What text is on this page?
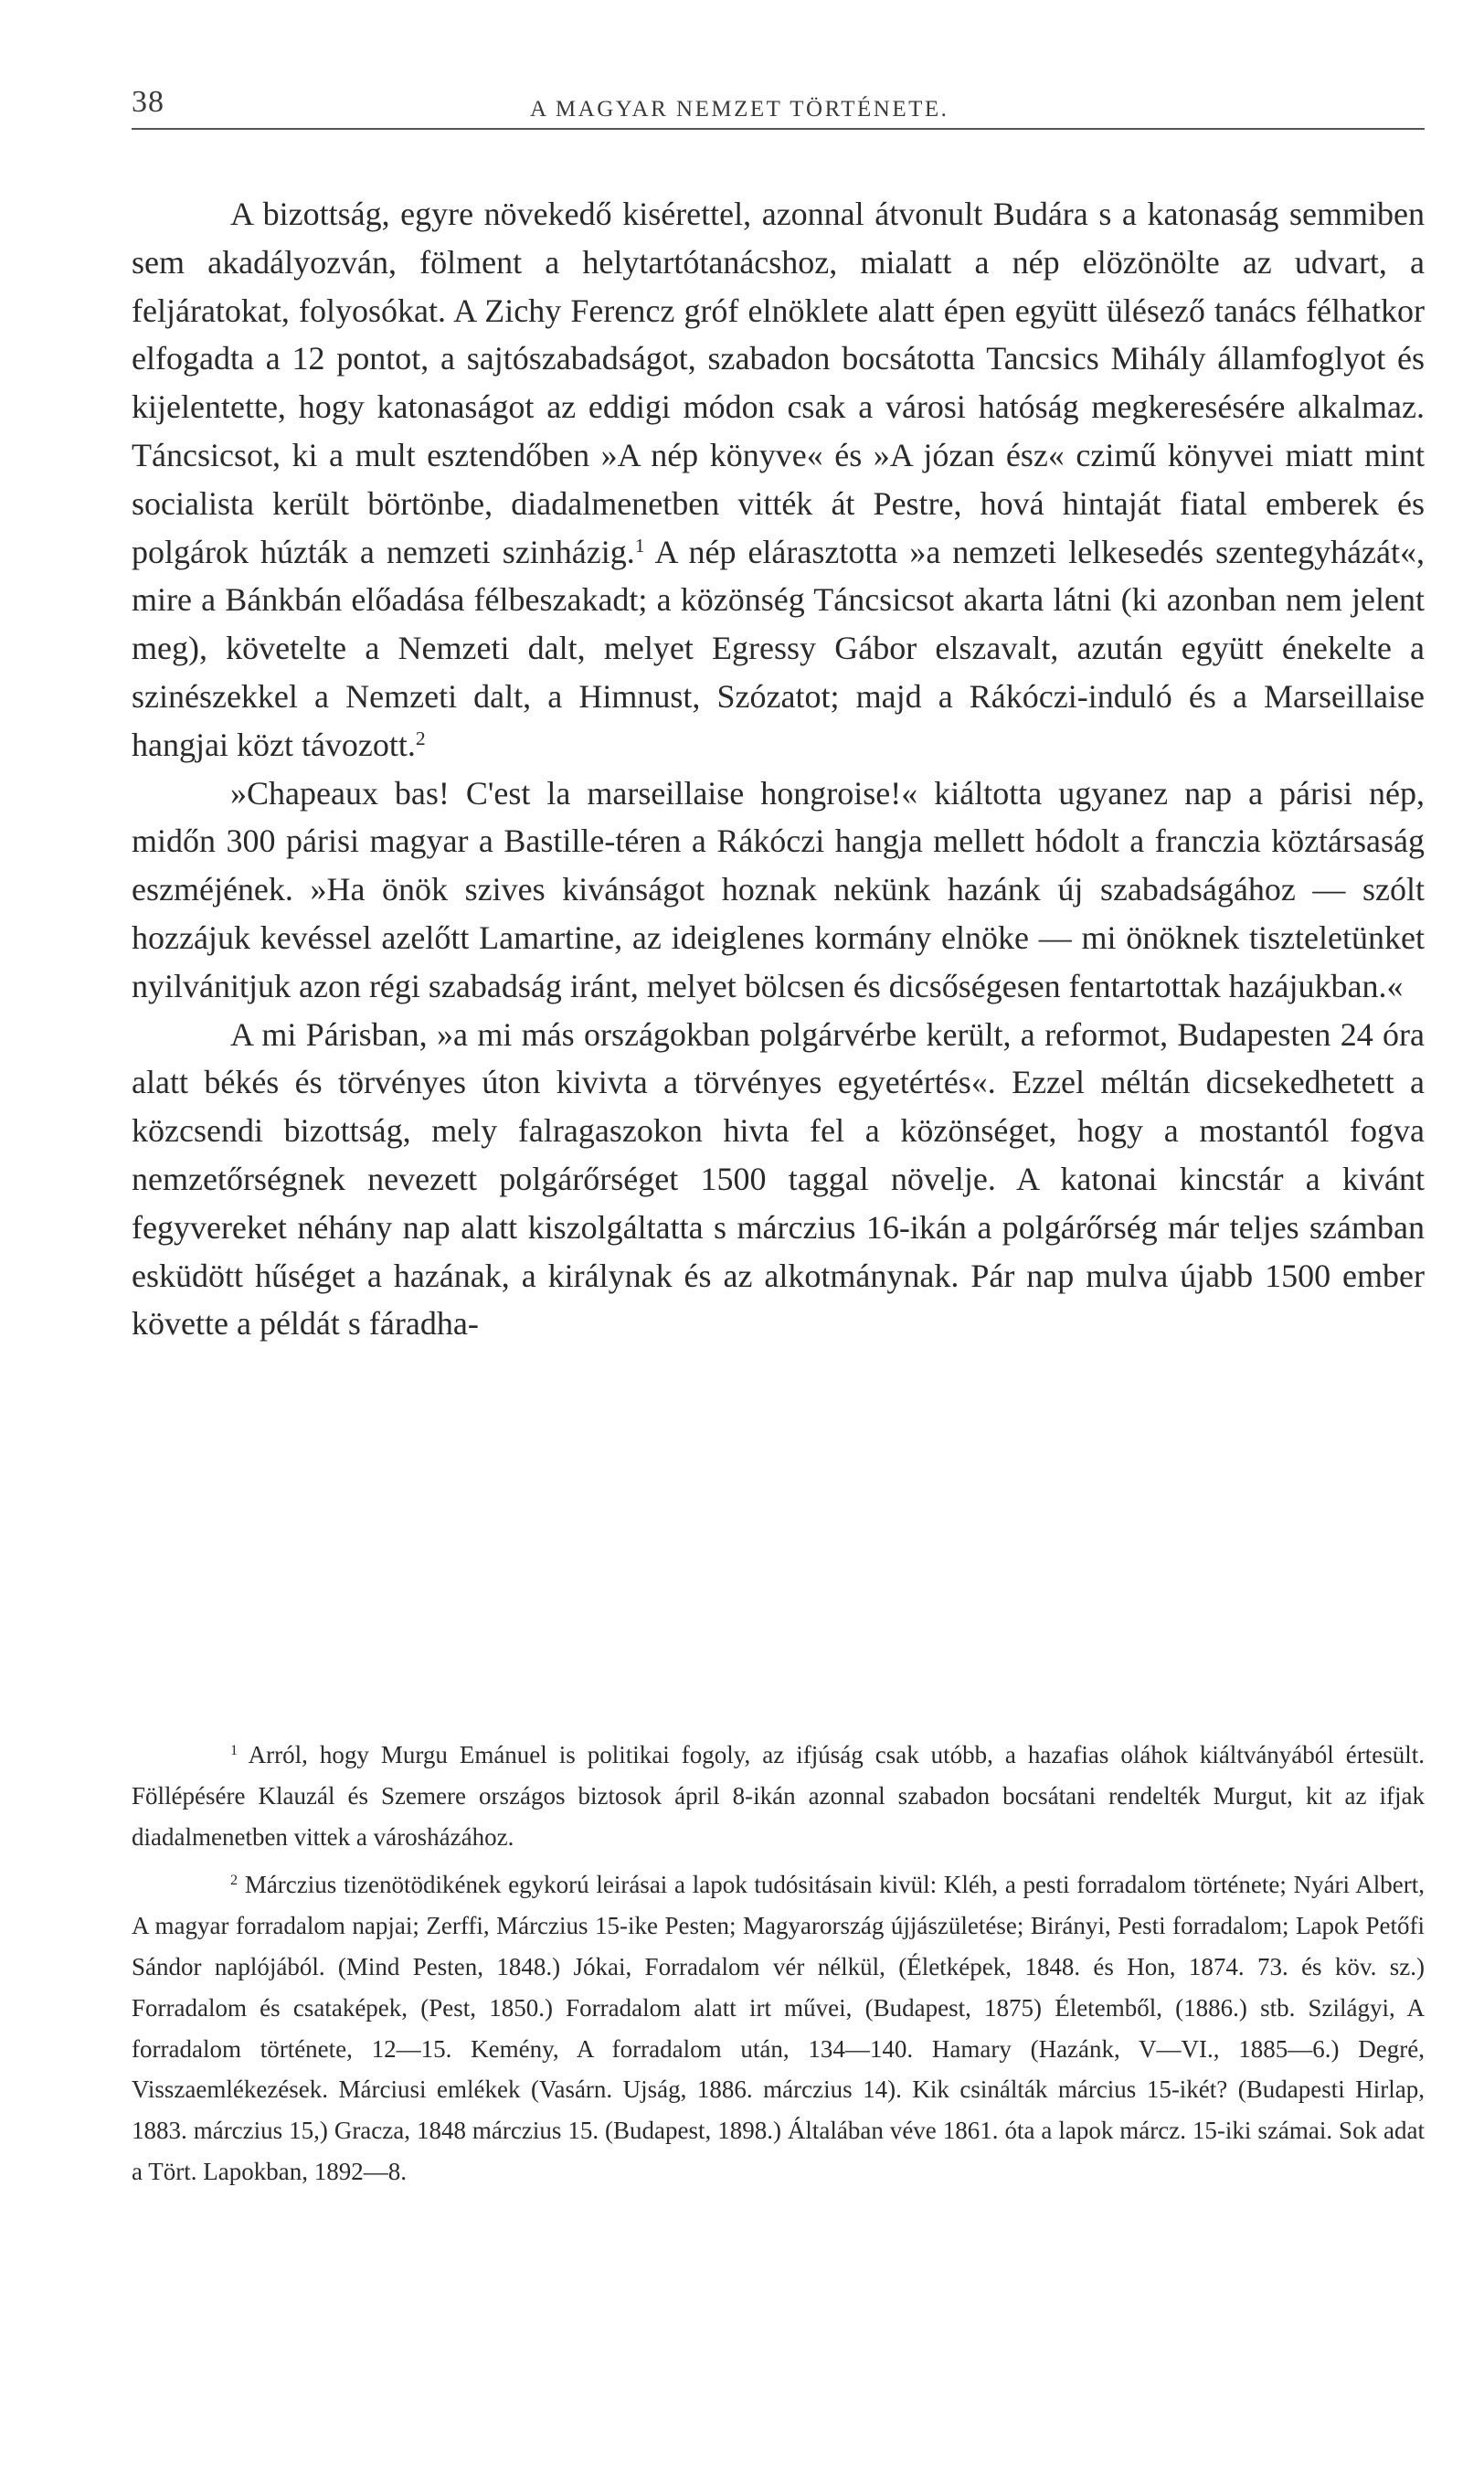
38	A MAGYAR NEMZET TÖRTÉNETE.

A bizottság, egyre növekedő kisérettel, azonnal átvonult Budára s a katonaság semmiben sem akadályozván, fölment a helytartótanácshoz, mialatt a nép elözönölte az udvart, a feljáratokat, folyosókat. A Zichy Ferencz gróf elnöklete alatt épen együtt ülésező tanács félhatkor elfogadta a 12 pontot, a sajtószabadságot, szabadon bocsátotta Tancsics Mihály államfoglyot és kijelentette, hogy katonaságot az eddigi módon csak a városi hatóság megkeresésére alkalmaz. Táncsicsot, ki a mult esztendőben »A nép könyve« és »A józan ész« czimű könyvei miatt mint socialista került börtönbe, diadalmenetben vitték át Pestre, hová hintaját fiatal emberek és polgárok húzták a nemzeti szinházig.$^1$ A nép elárasztotta »a nemzeti lelkesedés szentegyházát«, mire a Bánkbán előadása félbeszakadt; a közönség Táncsicsot akarta látni (ki azonban nem jelent meg), követelte a Nemzeti dalt, melyet Egressy Gábor elszavalt, azután együtt énekelte a szinészekkel a Nemzeti dalt, a Himnust, Szózatot; majd a Rákóczi-induló és a Marseillaise hangjai közt távozott.$^2$

»Chapeaux bas! C'est la marseillaise hongroise!« kiáltotta ugyanez nap a párisi nép, midőn 300 párisi magyar a Bastille-téren a Rákóczi hangja mellett hódolt a franczia köztársaság eszméjének. »Ha önök szives kivánságot hoznak nekünk hazánk új szabadságához — szólt hozzájuk kevéssel azelőtt Lamartine, az ideiglenes kormány elnöke — mi önöknek tiszteletünket nyilvánitjuk azon régi szabadság iránt, melyet bölcsen és dicsőségesen fentartottak hazájukban.«

A mi Párisban, »a mi más országokban polgárvérbe került, a reformot, Budapesten 24 óra alatt békés és törvényes úton kivivta a törvényes egyetértés«. Ezzel méltán dicsekedhetett a közcsendi bizottság, mely falragaszokon hivta fel a közönséget, hogy a mostantól fogva nemzetőrségnek nevezett polgárőrséget 1500 taggal növelje. A katonai kincstár a kivánt fegyvereket néhány nap alatt kiszolgáltatta s márczius 16-ikán a polgárőrség már teljes számban esküdött hűséget a hazának, a királynak és az alkotmánynak. Pár nap mulva újabb 1500 ember követte a példát s fáradha-

$^1$ Arról, hogy Murgu Emánuel is politikai fogoly, az ifjúság csak utóbb, a hazafias oláhok kiáltványából értesült. Föllépésére Klauzál és Szemere országos biztosok ápril 8-ikán azonnal szabadon bocsátani rendelték Murgut, kit az ifjak diadalmenetben vittek a városházához.

$^2$ Márczius tizenötödikének egykorú leirásai a lapok tudósitásain kivül: Kléh, a pesti forradalom története; Nyári Albert, A magyar forradalom napjai; Zerffi, Márczius 15-ike Pesten; Magyarország újjászületése; Birányi, Pesti forradalom; Lapok Petőfi Sándor naplójából. (Mind Pesten, 1848.) Jókai, Forradalom vér nélkül, (Életképek, 1848. és Hon, 1874. 73. és köv. sz.) Forradalom és csataképek, (Pest, 1850.) Forradalom alatt irt művei, (Budapest, 1875) Életemből, (1886.) stb. Szilágyi, A forradalom története, 12—15. Kemény, A forradalom után, 134—140. Hamary (Hazánk, V—VI., 1885—6.) Degré, Visszaemlékezések. Márciusi emlékek (Vasárn. Ujság, 1886. márczius 14). Kik csinálták március 15-ikét? (Budapesti Hirlap, 1883. márczius 15,) Gracza, 1848 márczius 15. (Budapest, 1898.) Általában véve 1861. óta a lapok márcz. 15-iki számai. Sok adat a Tört. Lapokban, 1892—8.
